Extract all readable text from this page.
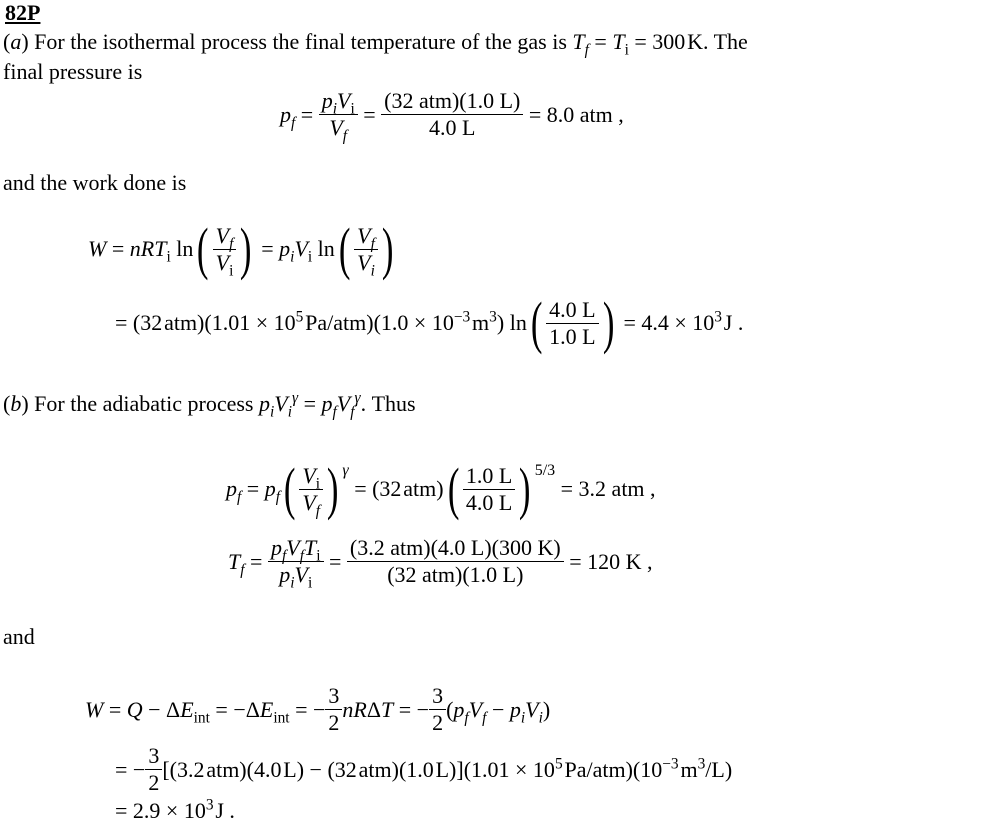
82P
(a) For the isothermal process the final temperature of the gas is $T_f = T_i = 300$ K. The
final pressure is
$p_f = \frac{p_iV_i}{V_f} = \frac{\text{(32 atm)(1.0 L)}}{4.0 L}$
= 8.0 atm ,
and the work done is
W = nRT$_i$ ln ( $\frac{V_f}{V_i}$ ) = $p_iV_i$ ln ( $\frac{V_f}{V_i}$ )
= (32 $atm)(1.01 \times 10^5$ $Pa/atm)(1.0 \times 10^{-3}$ $m^3$) ln ( $\frac{4.0 L}{1.0 L}$ ) = $4.4 \times 10^3$ J .
(b) For the adiabatic process $p_iV_i^\gamma = p_fV_f^\gamma$. Thus
$p_f = p_f$ ( $\frac{V_i}{V_f}$ ) γ
= (32 atm) ( $\frac{1.0 L}{4.0 L}$ ) 5/3

= 3.2 atm ,
$T_f = \frac{p_fV_fT_i}{p_iV_i} = \frac{\text{(3.2 atm)(4.0 L)(300 K)}}{\text{(32 atm)(1.0 L)}}$
= 120 K ,
and
$W = Q - \Delta E_{int} = -\Delta E_{int}$ = − $\frac{3}{2}$ nRΔT = − $\frac{3}{2} (p_fV_f - p_iV_i)$
= − $\frac{3}{2} [(3.2$ atm)(4.0 L) − (32 atm)(1.0 $L)](1.01 \times 10^5$ $Pa/atm)(10^{-3}$ $m^3/L$)
= $2.9 \times 10^3$ J .
